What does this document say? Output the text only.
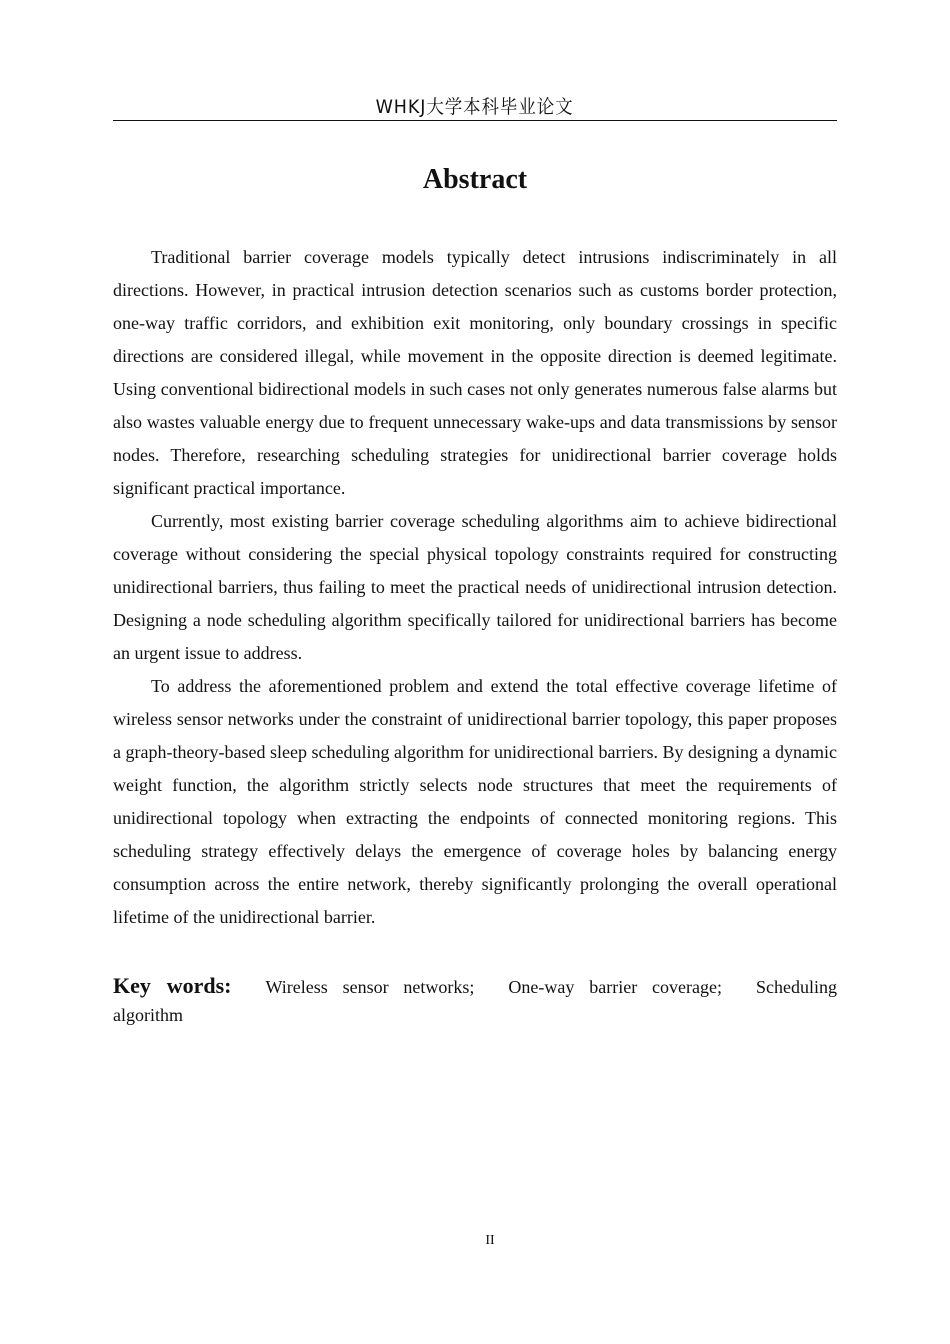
WHKJ大学本科毕业论文
Abstract

Traditional barrier coverage models typically detect intrusions indiscriminately in all directions. However, in practical intrusion detection scenarios such as customs border protection, one-way traffic corridors, and exhibition exit monitoring, only boundary crossings in specific directions are considered illegal, while movement in the opposite direction is deemed legitimate. Using conventional bidirectional models in such cases not only generates numerous false alarms but also wastes valuable energy due to frequent unnecessary wake-ups and data transmissions by sensor nodes. Therefore, researching scheduling strategies for unidirectional barrier coverage holds significant practical importance.

Currently, most existing barrier coverage scheduling algorithms aim to achieve bidirectional coverage without considering the special physical topology constraints required for constructing unidirectional barriers, thus failing to meet the practical needs of unidirectional intrusion detection. Designing a node scheduling algorithm specifically tailored for unidirectional barriers has become an urgent issue to address.

To address the aforementioned problem and extend the total effective coverage lifetime of wireless sensor networks under the constraint of unidirectional barrier topology, this paper proposes a graph-theory-based sleep scheduling algorithm for unidirectional barriers. By designing a dynamic weight function, the algorithm strictly selects node structures that meet the requirements of unidirectional topology when extracting the endpoints of connected monitoring regions. This scheduling strategy effectively delays the emergence of coverage holes by balancing energy consumption across the entire network, thereby significantly prolonging the overall operational lifetime of the unidirectional barrier.

Key words: Wireless sensor networks; One-way barrier coverage; Scheduling algorithm
II
